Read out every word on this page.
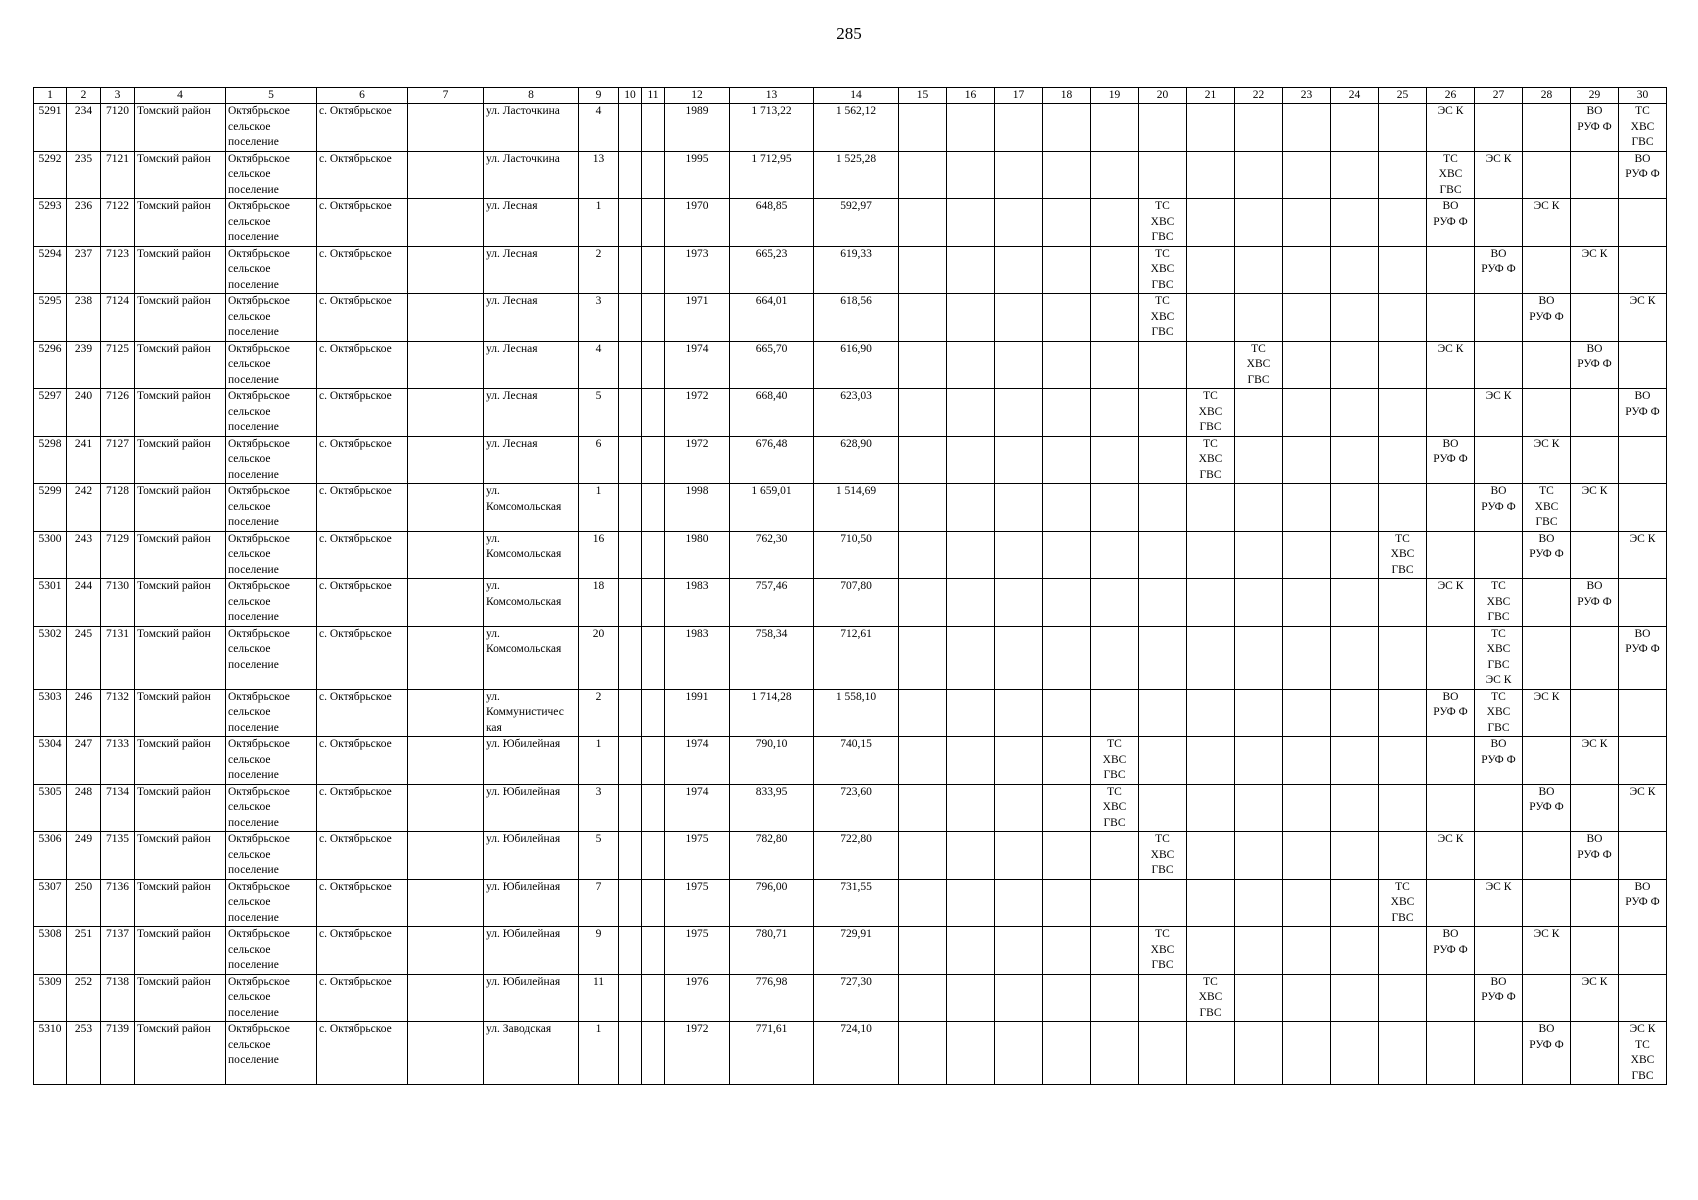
285
1	2	3	4	5	6	7	8	9	10	11	12	13	14	15	16	17	18	19	20	21	22	23	24	25	26	27	28	29	30
5291	234	7120	Томский район	Октябрьское
сельское
поселение	с. Октябрьское		ул. Ласточкина	4			1989	1 713,22	1 562,12												ЭС К			ВО
РУФ Ф	ТС
ХВС
ГВС
5292	235	7121	Томский район	Октябрьское
сельское
поселение	с. Октябрьское		ул. Ласточкина	13			1995	1 712,95	1 525,28												ТС
ХВС
ГВС	ЭС К			ВО
РУФ Ф
5293	236	7122	Томский район	Октябрьское
сельское
поселение	с. Октябрьское		ул. Лесная	1			1970	648,85	592,97						ТС
ХВС
ГВС						ВО
РУФ Ф		ЭС К		
5294	237	7123	Томский район	Октябрьское
сельское
поселение	с. Октябрьское		ул. Лесная	2			1973	665,23	619,33						ТС
ХВС
ГВС							ВО
РУФ Ф		ЭС К	
5295	238	7124	Томский район	Октябрьское
сельское
поселение	с. Октябрьское		ул. Лесная	3			1971	664,01	618,56						ТС
ХВС
ГВС								ВО
РУФ Ф		ЭС К
5296	239	7125	Томский район	Октябрьское
сельское
поселение	с. Октябрьское		ул. Лесная	4			1974	665,70	616,90								ТС
ХВС
ГВС				ЭС К			ВО
РУФ Ф	
5297	240	7126	Томский район	Октябрьское
сельское
поселение	с. Октябрьское		ул. Лесная	5			1972	668,40	623,03							ТС
ХВС
ГВС						ЭС К			ВО
РУФ Ф
5298	241	7127	Томский район	Октябрьское
сельское
поселение	с. Октябрьское		ул. Лесная	6			1972	676,48	628,90							ТС
ХВС
ГВС					ВО
РУФ Ф		ЭС К		
5299	242	7128	Томский район	Октябрьское
сельское
поселение	с. Октябрьское		ул.
Комсомольская	1			1998	1 659,01	1 514,69													ВО
РУФ Ф	ТС
ХВС
ГВС	ЭС К	
5300	243	7129	Томский район	Октябрьское
сельское
поселение	с. Октябрьское		ул.
Комсомольская	16			1980	762,30	710,50											ТС
ХВС
ГВС			ВО
РУФ Ф		ЭС К
5301	244	7130	Томский район	Октябрьское
сельское
поселение	с. Октябрьское		ул.
Комсомольская	18			1983	757,46	707,80												ЭС К	ТС
ХВС
ГВС		ВО
РУФ Ф	
5302	245	7131	Томский район	Октябрьское
сельское
поселение	с. Октябрьское		ул.
Комсомольская	20			1983	758,34	712,61													ТС
ХВС
ГВС
ЭС К			ВО
РУФ Ф
5303	246	7132	Томский район	Октябрьское
сельское
поселение	с. Октябрьское		ул.
Коммунистичес
кая	2			1991	1 714,28	1 558,10												ВО
РУФ Ф	ТС
ХВС
ГВС	ЭС К		
5304	247	7133	Томский район	Октябрьское
сельское
поселение	с. Октябрьское		ул. Юбилейная	1			1974	790,10	740,15					ТС
ХВС
ГВС								ВО
РУФ Ф		ЭС К	
5305	248	7134	Томский район	Октябрьское
сельское
поселение	с. Октябрьское		ул. Юбилейная	3			1974	833,95	723,60					ТС
ХВС
ГВС									ВО
РУФ Ф		ЭС К
5306	249	7135	Томский район	Октябрьское
сельское
поселение	с. Октябрьское		ул. Юбилейная	5			1975	782,80	722,80						ТС
ХВС
ГВС						ЭС К			ВО
РУФ Ф	
5307	250	7136	Томский район	Октябрьское
сельское
поселение	с. Октябрьское		ул. Юбилейная	7			1975	796,00	731,55											ТС
ХВС
ГВС		ЭС К			ВО
РУФ Ф
5308	251	7137	Томский район	Октябрьское
сельское
поселение	с. Октябрьское		ул. Юбилейная	9			1975	780,71	729,91						ТС
ХВС
ГВС						ВО
РУФ Ф		ЭС К		
5309	252	7138	Томский район	Октябрьское
сельское
поселение	с. Октябрьское		ул. Юбилейная	11			1976	776,98	727,30							ТС
ХВС
ГВС						ВО
РУФ Ф		ЭС К	
5310	253	7139	Томский район	Октябрьское
сельское
поселение	с. Октябрьское		ул. Заводская	1			1972	771,61	724,10														ВО
РУФ Ф		ЭС К
ТС
ХВС
ГВС
